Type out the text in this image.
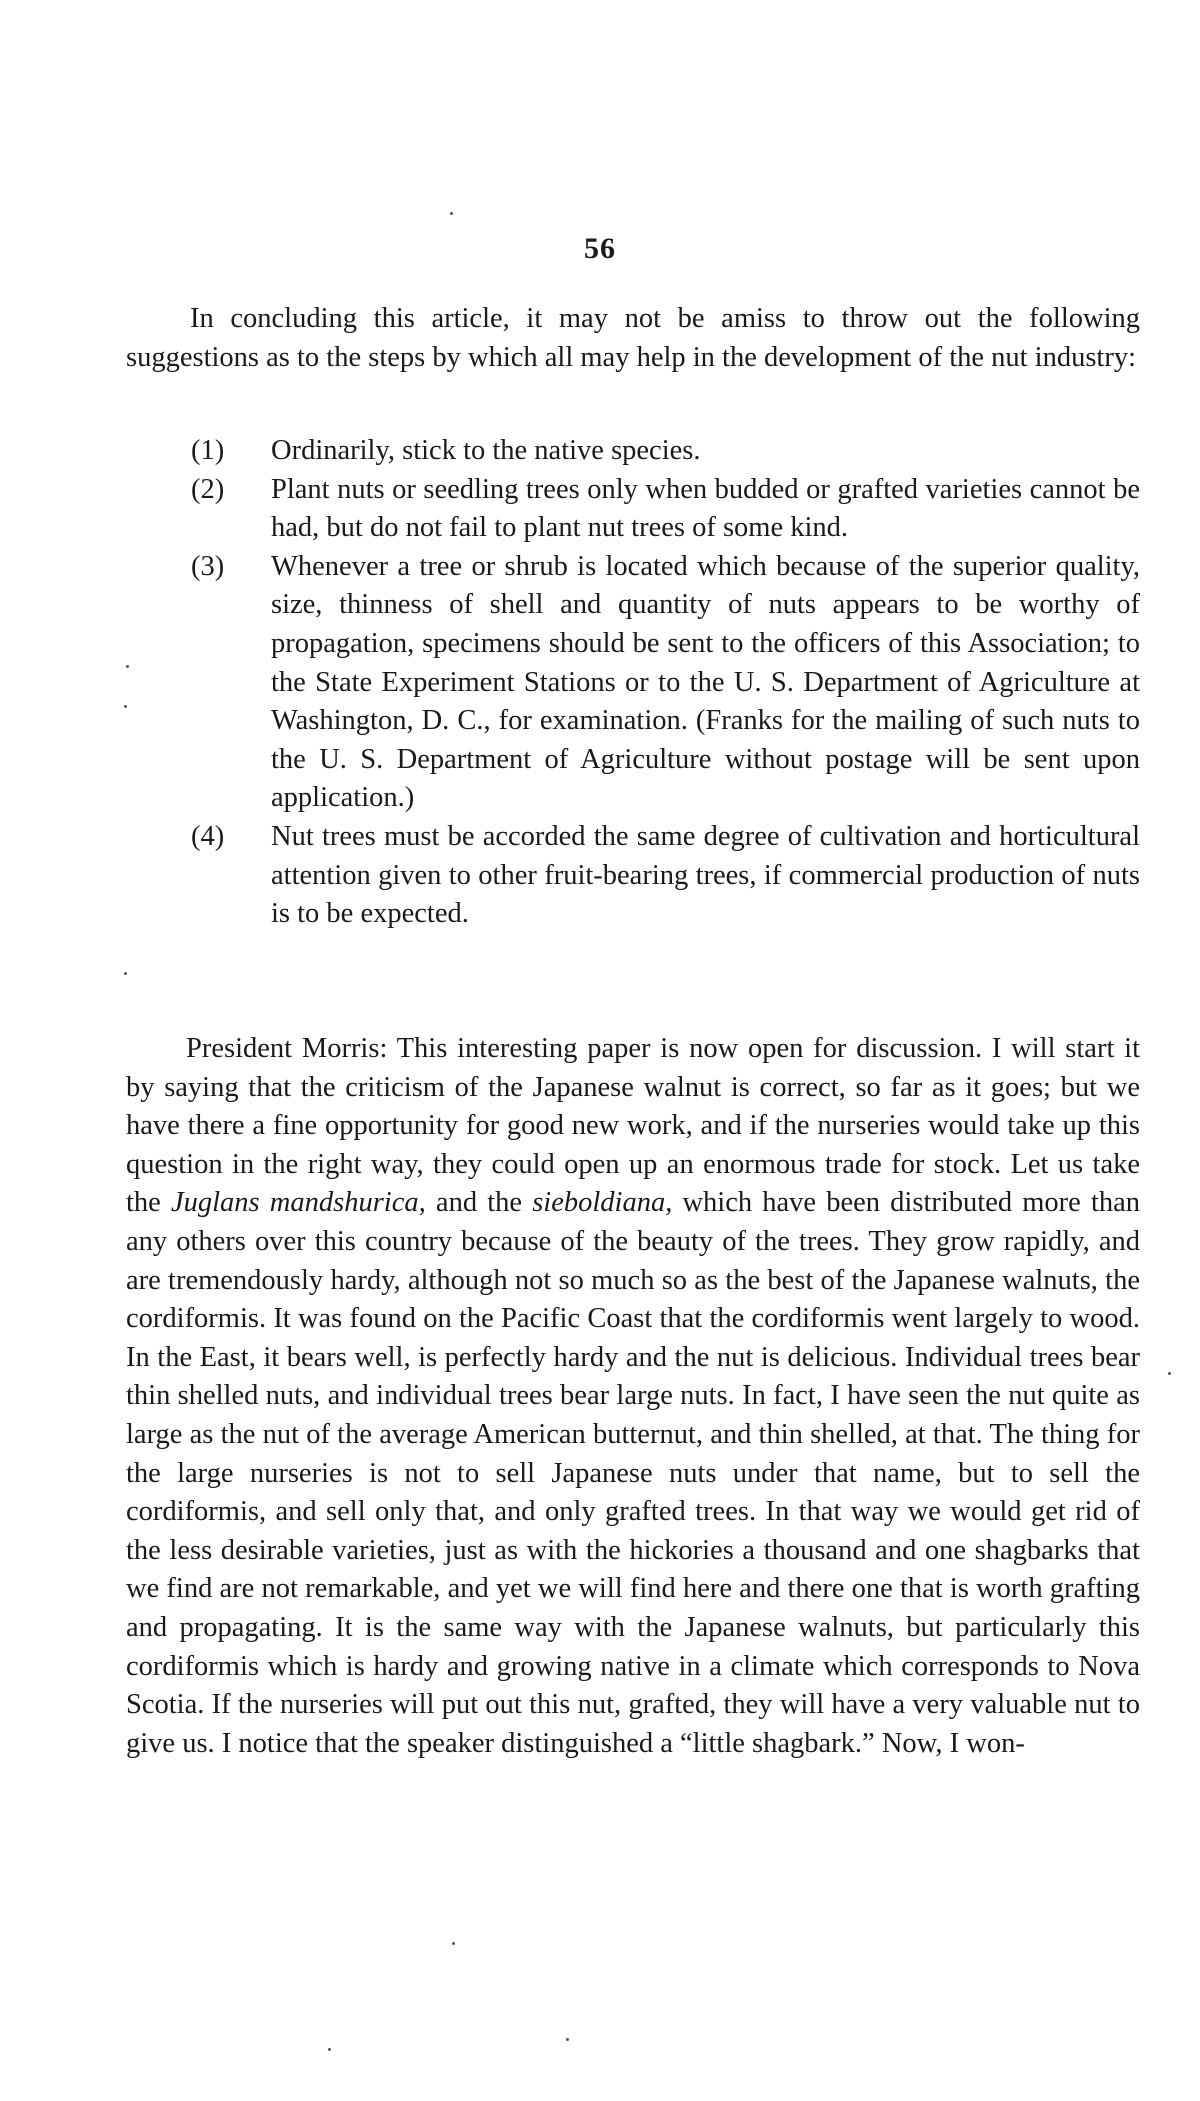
56

In concluding this article, it may not be amiss to throw out the following suggestions as to the steps by which all may help in the development of the nut industry:

(1)	Ordinarily, stick to the native species.
(2)	Plant nuts or seedling trees only when budded or grafted varieties cannot be had, but do not fail to plant nut trees of some kind.
(3)	Whenever a tree or shrub is located which because of the superior quality, size, thinness of shell and quantity of nuts appears to be worthy of propagation, specimens should be sent to the officers of this Association; to the State Experiment Stations or to the U. S. Department of Agriculture at Washington, D. C., for examination. (Franks for the mailing of such nuts to the U. S. Department of Agriculture without postage will be sent upon application.)
(4)	Nut trees must be accorded the same degree of cultivation and horticultural attention given to other fruit-bearing trees, if commercial production of nuts is to be expected.

President Morris: This interesting paper is now open for discussion. I will start it by saying that the criticism of the Japanese walnut is correct, so far as it goes; but we have there a fine opportunity for good new work, and if the nurseries would take up this question in the right way, they could open up an enormous trade for stock. Let us take the Juglans mandshurica, and the sieboldiana, which have been distributed more than any others over this country because of the beauty of the trees. They grow rapidly, and are tremendously hardy, although not so much so as the best of the Japanese walnuts, the cordiformis. It was found on the Pacific Coast that the cordiformis went largely to wood. In the East, it bears well, is perfectly hardy and the nut is delicious. Individual trees bear thin shelled nuts, and individual trees bear large nuts. In fact, I have seen the nut quite as large as the nut of the average American butternut, and thin shelled, at that. The thing for the large nurseries is not to sell Japanese nuts under that name, but to sell the cordiformis, and sell only that, and only grafted trees. In that way we would get rid of the less desirable varieties, just as with the hickories a thousand and one shagbarks that we find are not remarkable, and yet we will find here and there one that is worth grafting and propagating. It is the same way with the Japanese walnuts, but particularly this cordiformis which is hardy and growing native in a climate which corresponds to Nova Scotia. If the nurseries will put out this nut, grafted, they will have a very valuable nut to give us. I notice that the speaker distinguished a “little shagbark.” Now, I won-
